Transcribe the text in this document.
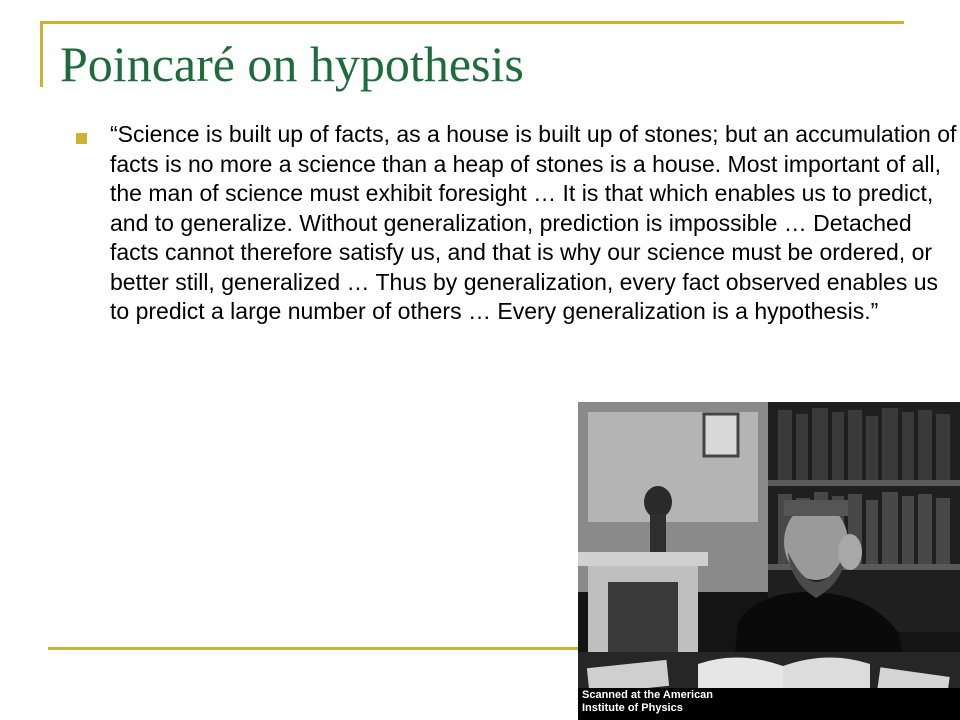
Poincaré on hypothesis

“Science is built up of facts, as a house is built up of stones; but an accumulation of facts is no more a science than a heap of stones is a house. Most important of all, the man of science must exhibit foresight … It is that which enables us to predict, and to generalize. Without generalization, prediction is impossible … Detached facts cannot therefore satisfy us, and that is why our science must be ordered, or better still, generalized … Thus by generalization, every fact observed enables us to predict a large number of others … Every generalization is a hypothesis.”

Scanned at the American Institute of Physics
